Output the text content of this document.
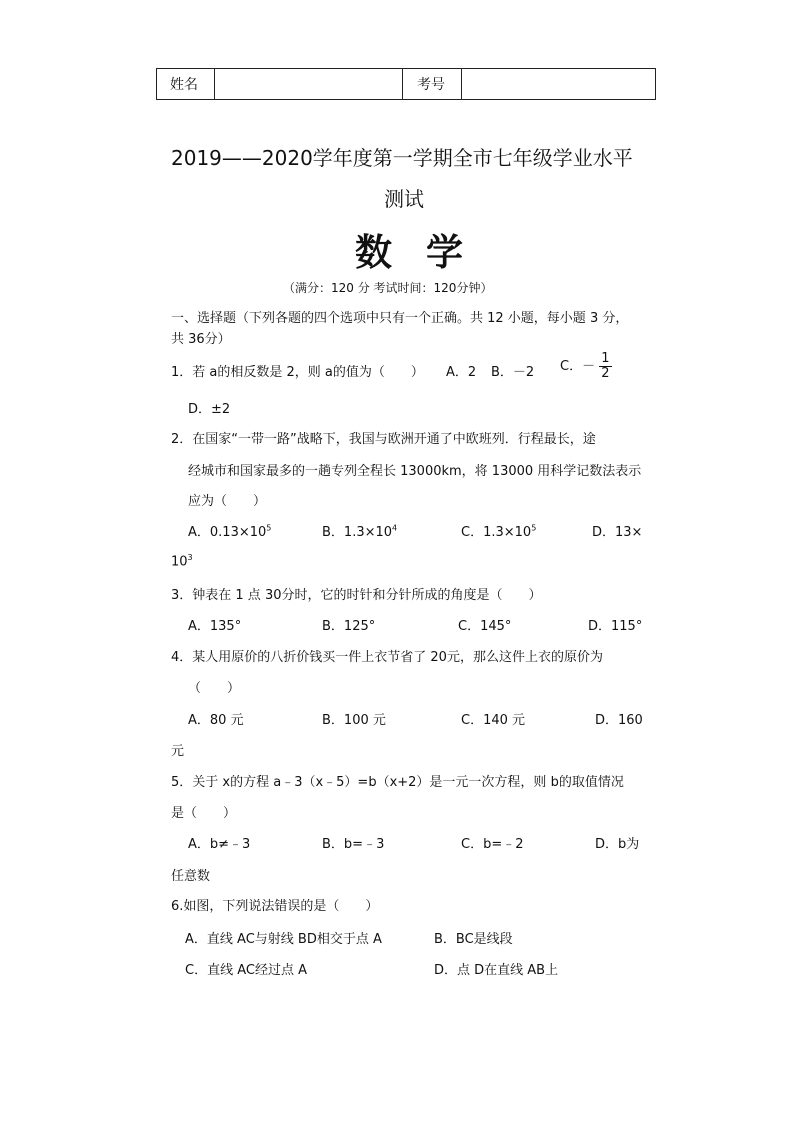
姓名	考号
2019——2020学年度第一学期全市七年级学业水平
测试
数学
（满分：120 分 考试时间：120分钟）
一、选择题（下列各题的四个选项中只有一个正确。共 12 小题，每小题 3 分，
共 36分）
1．若 a的相反数是 2，则 a的值为（　　） A．2 B．－2 C．－ $\frac{1}{2}$
D．±2
2．在国家“一带一路”战略下，我国与欧洲开通了中欧班列．行程最长，途
经城市和国家最多的一趟专列全程长 13000km，将 13000 用科学记数法表示
应为（　　）
A．$0.13\times 10^5$	B．$1.3\times 10^4$	C．$1.3\times 10^5$	D．13×
$10^3$
3．钟表在 1 点 30分时，它的时针和分针所成的角度是（　　）
A．135°	B．125°	C．145°	D．115°
4．某人用原价的八折价钱买一件上衣节省了 20元，那么这件上衣的原价为
（　　）
A．80 元	B．100 元	C．140 元	D．160
元
5．关于 x的方程 a﹣3（x﹣5）=b（x+2）是一元一次方程，则 b的取值情况
是（　　）
A．b≠﹣3	B．b=﹣3	C．b=﹣2	D．b为
任意数
6.如图，下列说法错误的是（　　）
A．直线 AC与射线 BD相交于点 A	B．BC是线段
C．直线 AC经过点 A	D．点 D在直线 AB上
